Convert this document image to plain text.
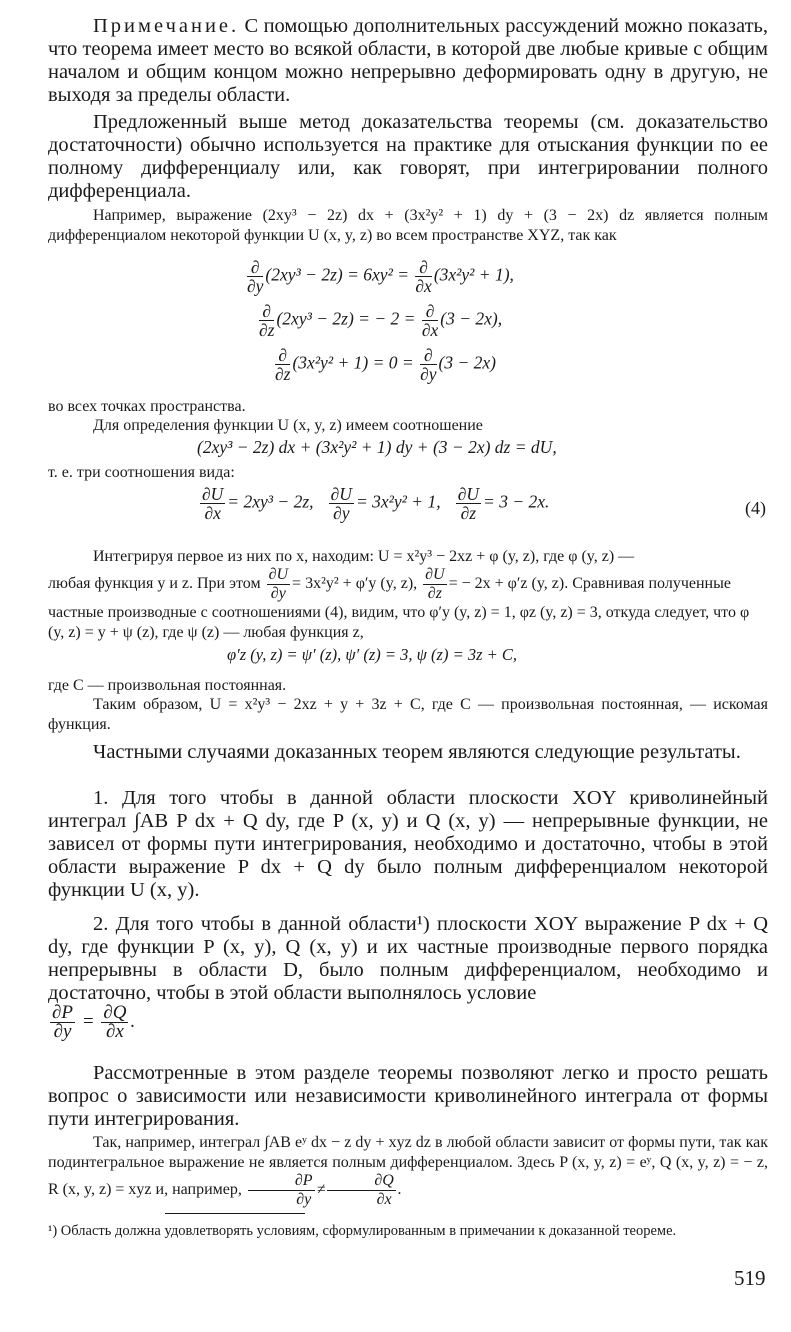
Примечание. С помощью дополнительных рассуждений можно показать, что теорема имеет место во всякой области, в которой две любые кривые с общим началом и общим концом можно непрерывно деформировать одну в другую, не выходя за пределы области.

Предложенный выше метод доказательства теоремы (см. доказательство достаточности) обычно используется на практике для отыскания функции по ее полному дифференциалу или, как говорят, при интегрировании полного дифференциала.

Например, выражение (2xy³ − 2z) dx + (3x²y² + 1) dy + (3 − 2x) dz является полным дифференциалом некоторой функции U (x, y, z) во всем пространстве XYZ, так как

$\frac{\partial}{\partial y} (2xy^3 - 2z) = 6xy^2 = \frac{\partial}{\partial x} (3x^2y^2 + 1)$,
$\frac{\partial}{\partial z} (2xy^3 - 2z)$ = − $2 = \frac{\partial}{\partial x} (3 - 2x)$,
$\frac{\partial}{\partial z} (3x^2y^2 + 1) = 0 = \frac{\partial}{\partial y} (3 - 2x)$

во всех точках пространства.

Для определения функции U (x, y, z) имеем соотношение

(2xy³ − 2z) dx + (3x²y² + 1) dy + (3 − 2x) dz = dU,

т. е. три соотношения вида:

$\frac{\partial U}{\partial x} = 2xy^3 - 2z$, $\frac{\partial U}{\partial y} = 3x^2y^2 + 1$, $\frac{\partial U}{\partial z} = 3 - 2x$.	(4)

Интегрируя первое из них по x, находим: U = x²y³ − 2xz + φ (y, z), где φ (y, z) —

любая функция y и z. При этом $\frac{\partial U}{\partial y} = 3x^2y^2 + \varphi'y$ (y, z), $\frac{\partial U}{\partial z}$ = − 2x + φ′z (y, z). Сравнивая полученные частные производные с соотношениями (4), видим, что φ′y (y, z) = 1, φz (y, z) = 3, откуда следует, что φ (y, z) = y + ψ (z), где ψ (z) — любая функция z,
φ′z (y, z) = ψ′ (z), ψ′ (z) = 3, ψ (z) = 3z + C,

где C — произвольная постоянная.

Таким образом, U = x²y³ − 2xz + y + 3z + C, где C — произвольная постоянная, — искомая функция.

Частными случаями доказанных теорем являются следующие результаты.

1. Для того чтобы в данной области плоскости XOY криволинейный интеграл ∫AB P dx + Q dy, где P (x, y) и Q (x, y) — непрерывные функции, не зависел от формы пути интегрирования, необходимо и достаточно, чтобы в этой области выражение P dx + Q dy было полным дифференциалом некоторой функции U (x, y).

2. Для того чтобы в данной области¹) плоскости XOY выражение P dx + Q dy, где функции P (x, y), Q (x, y) и их частные производные первого порядка непрерывны в области D, было полным дифференциалом, необходимо и достаточно, чтобы в этой области выполнялось условие

$\frac{\partial P}{\partial y} = \frac{\partial Q}{\partial x}$ .

Рассмотренные в этом разделе теоремы позволяют легко и просто решать вопрос о зависимости или независимости криволинейного интеграла от формы пути интегрирования.

Так, например, интеграл ∫AB eʸ dx − z dy + xyz dz в любой области зависит от формы пути, так как подинтегральное выражение не является полным дифференциалом. Здесь P (x, y, z) = eʸ, Q (x, y, z) = − z, R (x, y, z) = xyz и, например, $\frac{\partial P}{\partial y} \ne \frac{\partial Q}{\partial x}$ .

¹) Область должна удовлетворять условиям, сформулированным в примечании к доказанной теореме.

519
